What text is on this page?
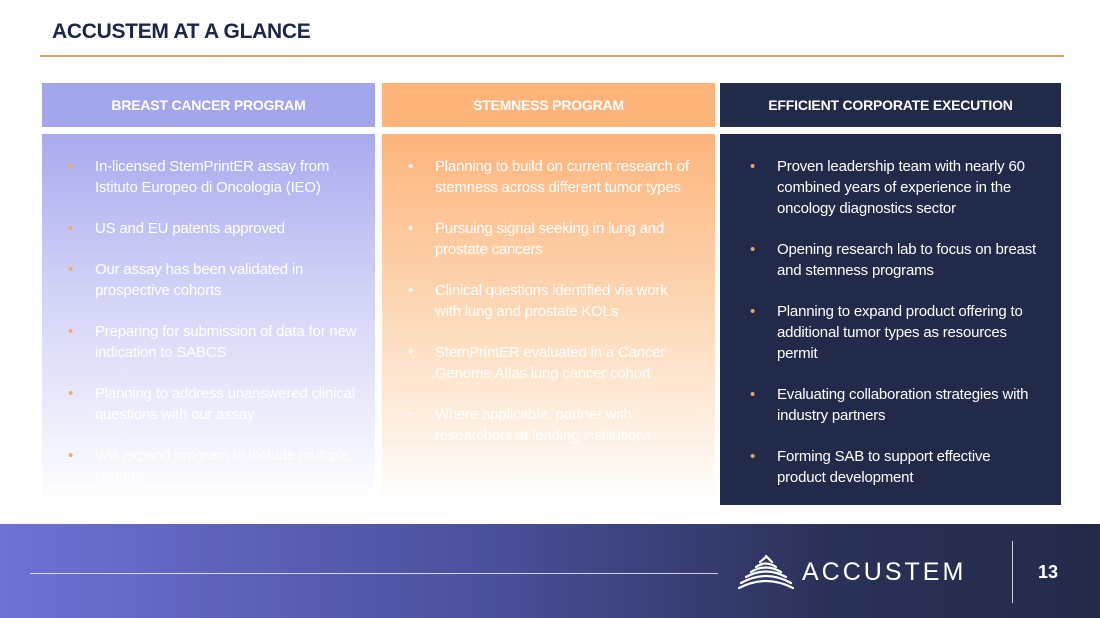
ACCUSTEM AT A GLANCE
BREAST CANCER PROGRAM
• In-licensed StemPrintER assay from Istituto Europeo di Oncologia (IEO)
• US and EU patents approved
• Our assay has been validated in prospective cohorts
• Preparing for submission of data for new indication to SABCS
• Planning to address unanswered clinical questions with our assay
• Will expand program to include multiple cohorts
STEMNESS PROGRAM
• Planning to build on current research of stemness across different tumor types
• Pursuing signal seeking in lung and prostate cancers
• Clinical questions identified via work with lung and prostate KOLs
• StemPrintER evaluated in a Cancer Genome Atlas lung cancer cohort
• Where applicable, partner with researchers at leading institutions
EFFICIENT CORPORATE EXECUTION
• Proven leadership team with nearly 60 combined years of experience in the oncology diagnostics sector
• Opening research lab to focus on breast and stemness programs
• Planning to expand product offering to additional tumor types as resources permit
• Evaluating collaboration strategies with industry partners
• Forming SAB to support effective product development
ACCUSTEM	13
